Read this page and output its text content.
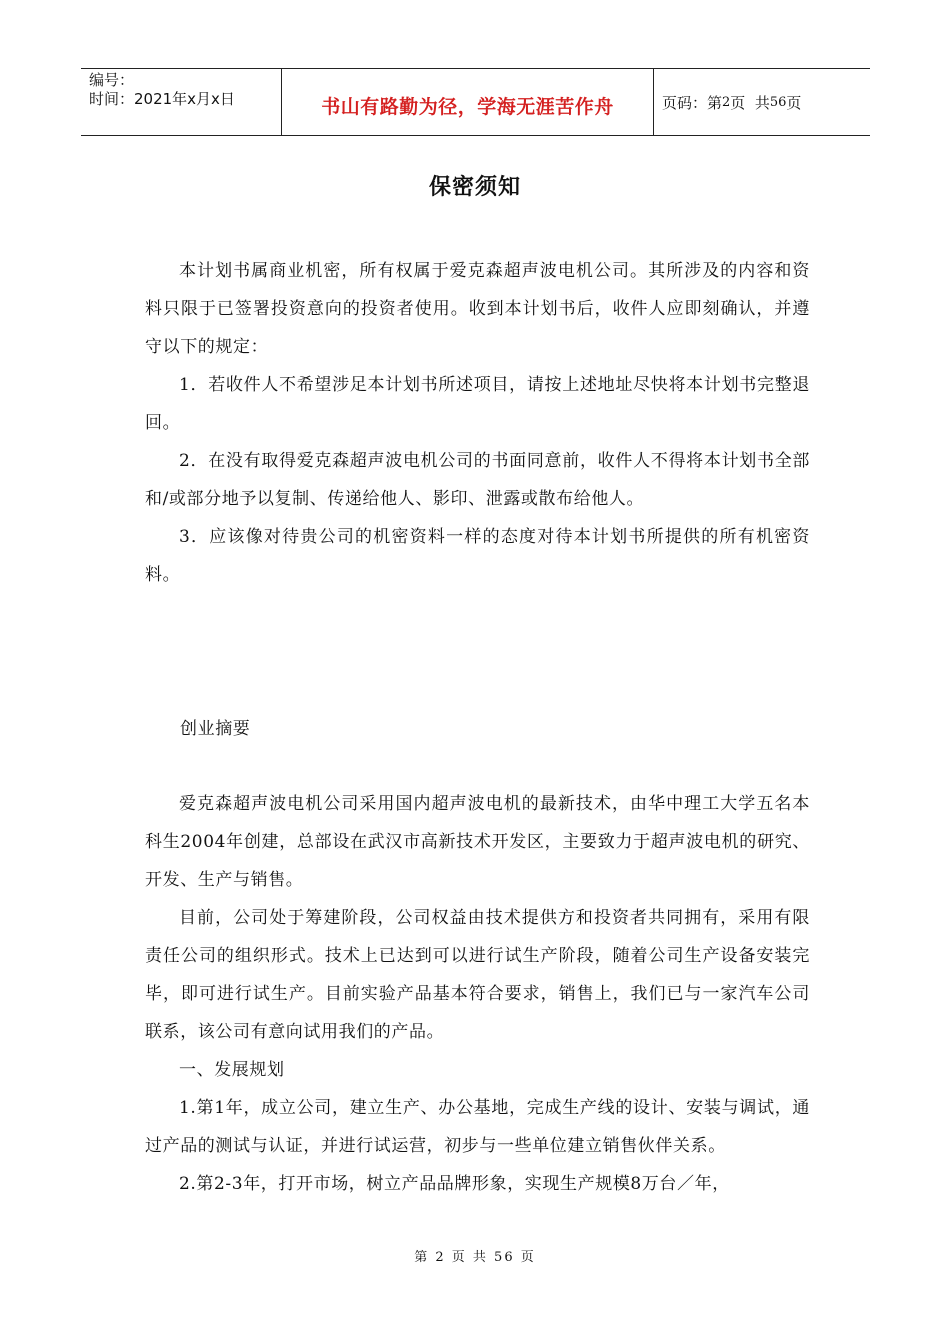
编号：
时间：2021年x月x日	书山有路勤为径，学海无涯苦作舟	页码：第 2 页  共 56 页
保密须知

本计划书属商业机密，所有权属于爱克森超声波电机公司。其所涉及的内容和资料只限于已签署投资意向的投资者使用。收到本计划书后，收件人应即刻确认，并遵守以下的规定：

1．若收件人不希望涉足本计划书所述项目，请按上述地址尽快将本计划书完整退回。

2．在没有取得爱克森超声波电机公司的书面同意前，收件人不得将本计划书全部和/或部分地予以复制、传递给他人、影印、泄露或散布给他人。

3．应该像对待贵公司的机密资料一样的态度对待本计划书所提供的所有机密资料。

创业摘要

爱克森超声波电机公司采用国内超声波电机的最新技术，由华中理工大学五名本科生2004年创建，总部设在武汉市高新技术开发区，主要致力于超声波电机的研究、开发、生产与销售。

目前，公司处于筹建阶段，公司权益由技术提供方和投资者共同拥有，采用有限责任公司的组织形式。技术上已达到可以进行试生产阶段，随着公司生产设备安装完毕，即可进行试生产。目前实验产品基本符合要求，销售上，我们已与一家汽车公司联系，该公司有意向试用我们的产品。

一、发展规划

1.第1年，成立公司，建立生产、办公基地，完成生产线的设计、安装与调试，通过产品的测试与认证，并进行试运营，初步与一些单位建立销售伙伴关系。

2.第2-3年，打开市场，树立产品品牌形象，实现生产规模8万台／年，

第 2 页 共 56 页
